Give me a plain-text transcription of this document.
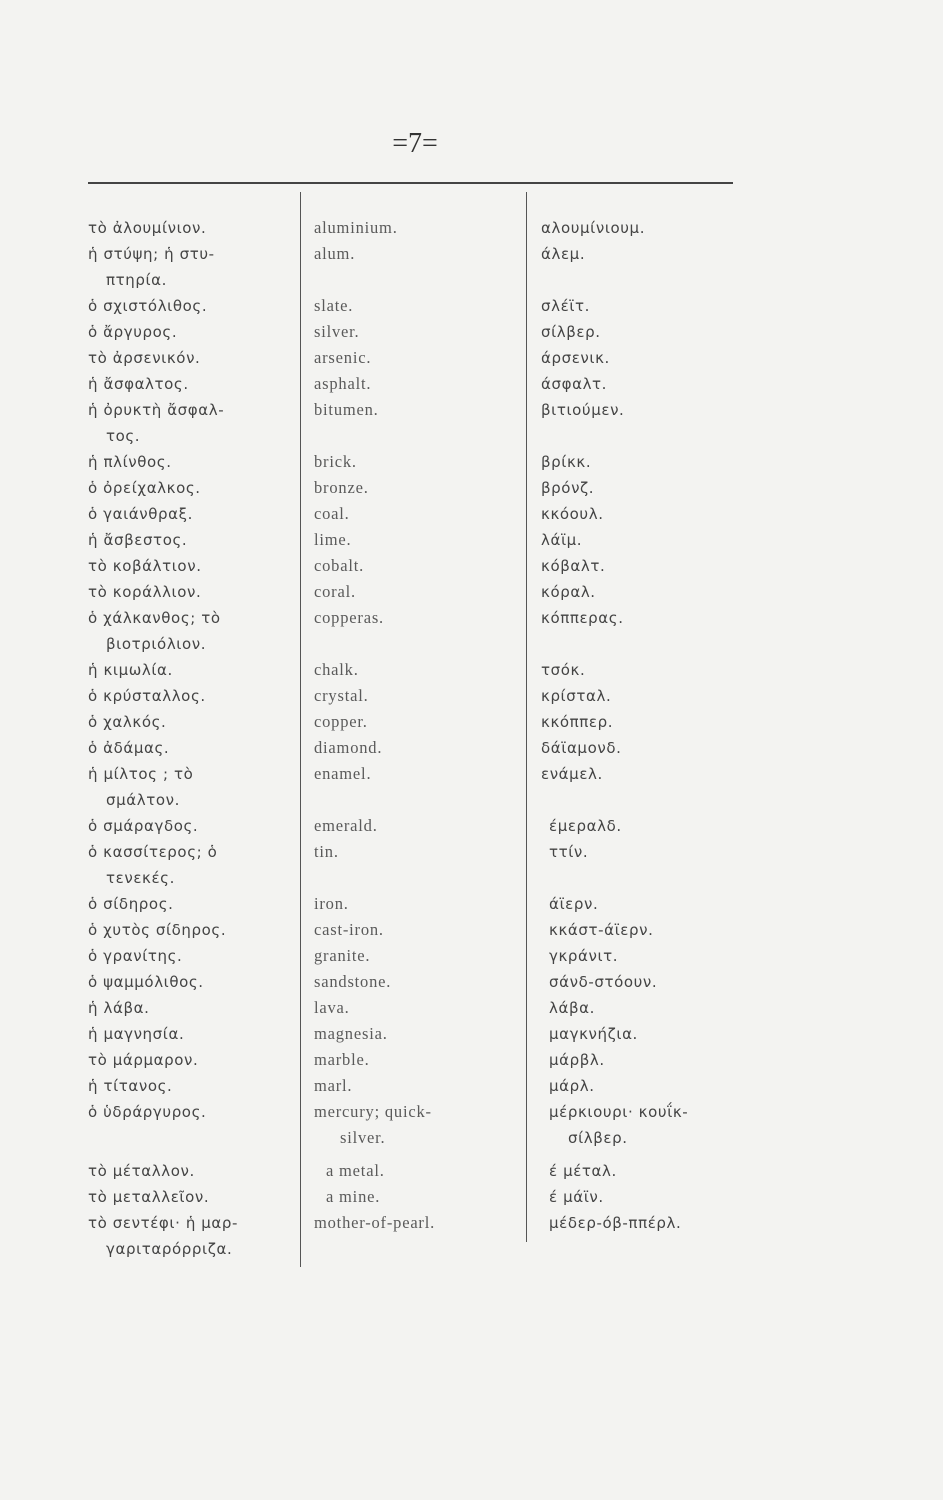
=7=
τὸ ἀλουμίνιον.
ἡ στύψη; ἡ στυ-
πτηρία.
ὁ σχιστόλιθος.
ὁ ἄργυρος.
τὸ ἀρσενικόν.
ἡ ἄσφαλτος.
ἡ ὀρυκτὴ ἄσφαλ-
τος.
ἡ πλίνθος.
ὁ ὀρείχαλκος.
ὁ γαιάνθραξ.
ἡ ἄσβεστος.
τὸ κοβάλτιον.
τὸ κοράλλιον.
ὁ χάλκανθος; τὸ
βιοτριόλιον.
ἡ κιμωλία.
ὁ κρύσταλλος.
ὁ χαλκός.
ὁ ἀδάμας.
ἡ μίλτος ; τὸ
σμάλτον.
ὁ σμάραγδος.
ὁ κασσίτερος; ὁ
τενεκές.
ὁ σίδηρος.
ὁ χυτὸς σίδηρος.
ὁ γρανίτης.
ὁ ψαμμόλιθος.
ἡ λάβα.
ἡ μαγνησία.
τὸ μάρμαρον.
ἡ τίτανος.
ὁ ὑδράργυρος.
τὸ μέταλλον.
τὸ μεταλλεῖον.
τὸ σεντέφι· ἡ μαρ-
γαριταρόρριζα.
aluminium.
alum.
slate.
silver.
arsenic.
asphalt.
bitumen.
brick.
bronze.
coal.
lime.
cobalt.
coral.
copperas.
chalk.
crystal.
copper.
diamond.
enamel.
emerald.
tin.
iron.
cast-iron.
granite.
sandstone.
lava.
magnesia.
marble.
marl.
mercury; quick-
silver.
a metal.
a mine.
mother-of-pearl.
αλουμίνιουμ.
άλεμ.
σλέϊτ.
σίλβερ.
άρσενικ.
άσφαλτ.
βιτιούμεν.
βρίκκ.
βρόνζ.
κκόουλ.
λάϊμ.
κόβαλτ.
κόραλ.
κόππερας.
τσόκ.
κρίσταλ.
κκόππερ.
δάϊαμονδ.
ενάμελ.
έμεραλδ.
ττίν.
άϊερν.
κκάστ-άϊερν.
γκράνιτ.
σάνδ-στόουν.
λάβα.
μαγκνήζια.
μάρβλ.
μάρλ.
μέρκιουρι· κουΐκ-
σίλβερ.
έ μέταλ.
έ μάϊν.
μέδερ-όβ-ππέρλ.
